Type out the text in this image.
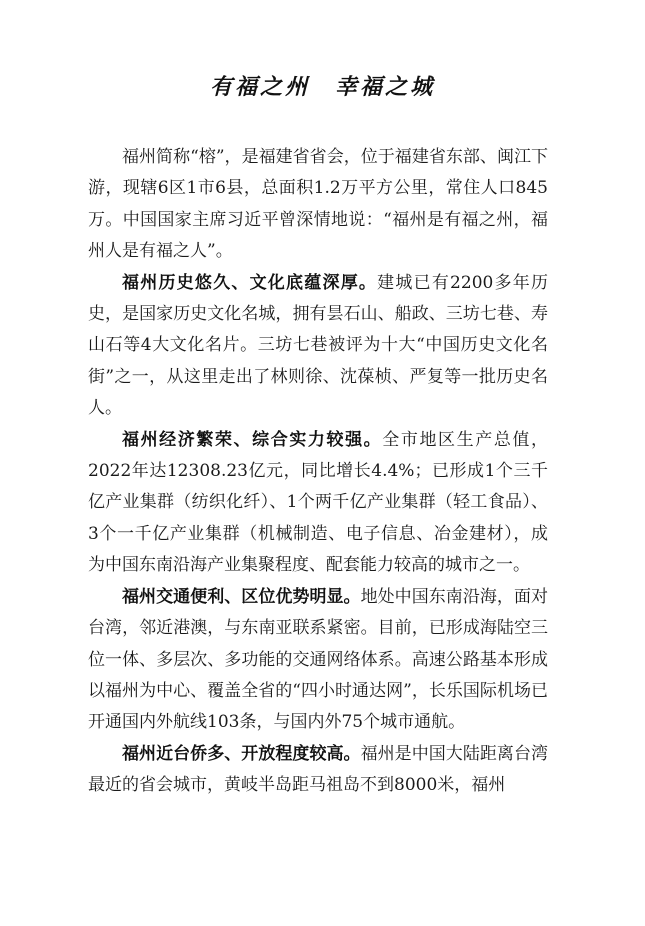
有福之州　幸福之城

福州简称“榕”，是福建省省会，位于福建省东部、闽江下游，现辖6区1市6县，总面积1.2万平方公里，常住人口845万。中国国家主席习近平曾深情地说：“福州是有福之州，福州人是有福之人”。

福州历史悠久、文化底蕴深厚。建城已有2200多年历史，是国家历史文化名城，拥有昙石山、船政、三坊七巷、寿山石等4大文化名片。三坊七巷被评为十大“中国历史文化名街”之一，从这里走出了林则徐、沈葆桢、严复等一批历史名人。

福州经济繁荣、综合实力较强。全市地区生产总值，2022年达12308.23亿元，同比增长4.4%；已形成1个三千亿产业集群（纺织化纤）、1个两千亿产业集群（轻工食品）、3个一千亿产业集群（机械制造、电子信息、冶金建材），成为中国东南沿海产业集聚程度、配套能力较高的城市之一。

福州交通便利、区位优势明显。地处中国东南沿海，面对台湾，邻近港澳，与东南亚联系紧密。目前，已形成海陆空三位一体、多层次、多功能的交通网络体系。高速公路基本形成以福州为中心、覆盖全省的“四小时通达网”，长乐国际机场已开通国内外航线103条，与国内外75个城市通航。

福州近台侨多、开放程度较高。福州是中国大陆距离台湾最近的省会城市，黄岐半岛距马祖岛不到8000米，福州
